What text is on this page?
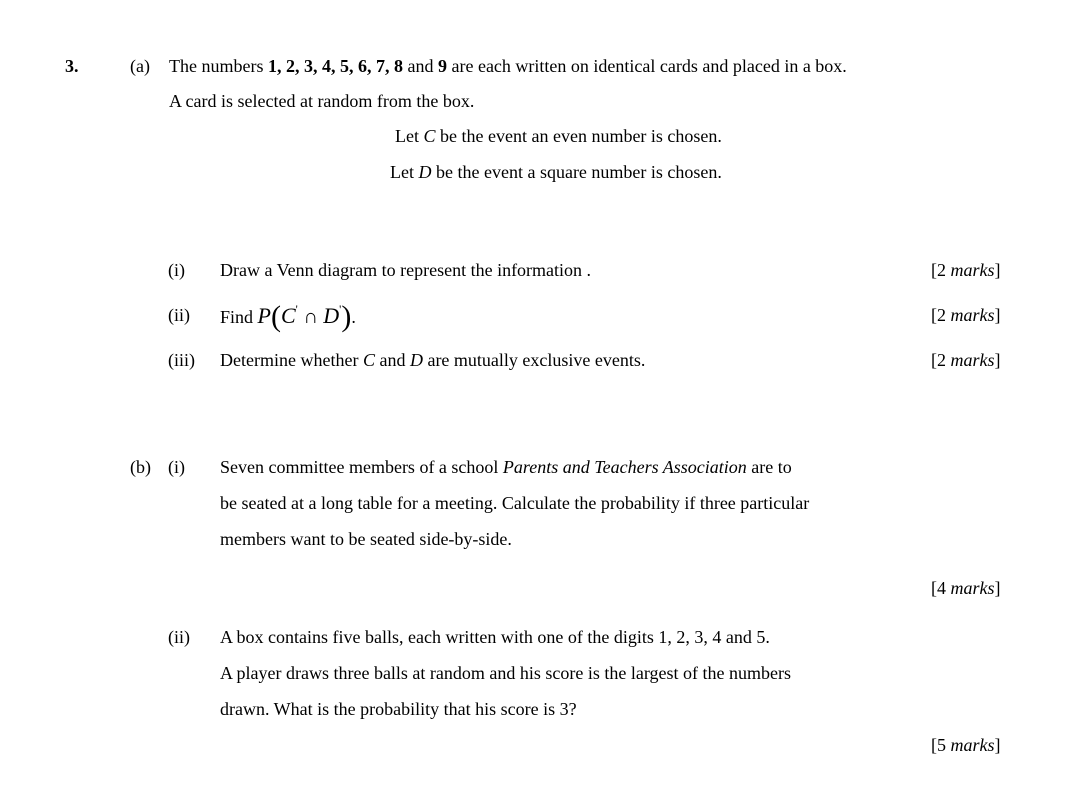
3.	(a) The numbers 1, 2, 3, 4, 5, 6, 7, 8 and 9 are each written on identical cards and placed in a box.
A card is selected at random from the box.
Let C be the event an even number is chosen.
Let D be the event a square number is chosen.
(i) Draw a Venn diagram to represent the information .	[2 marks]
(ii) Find P(C' ∩ D').	[2 marks]
(iii) Determine whether C and D are mutually exclusive events.	[2 marks]
(b) (i) Seven committee members of a school Parents and Teachers Association are to
be seated at a long table for a meeting. Calculate the probability if three particular
members want to be seated side-by-side.
[4 marks]
(ii) A box contains five balls, each written with one of the digits 1, 2, 3, 4 and 5.
A player draws three balls at random and his score is the largest of the numbers
drawn. What is the probability that his score is 3?
[5 marks]
